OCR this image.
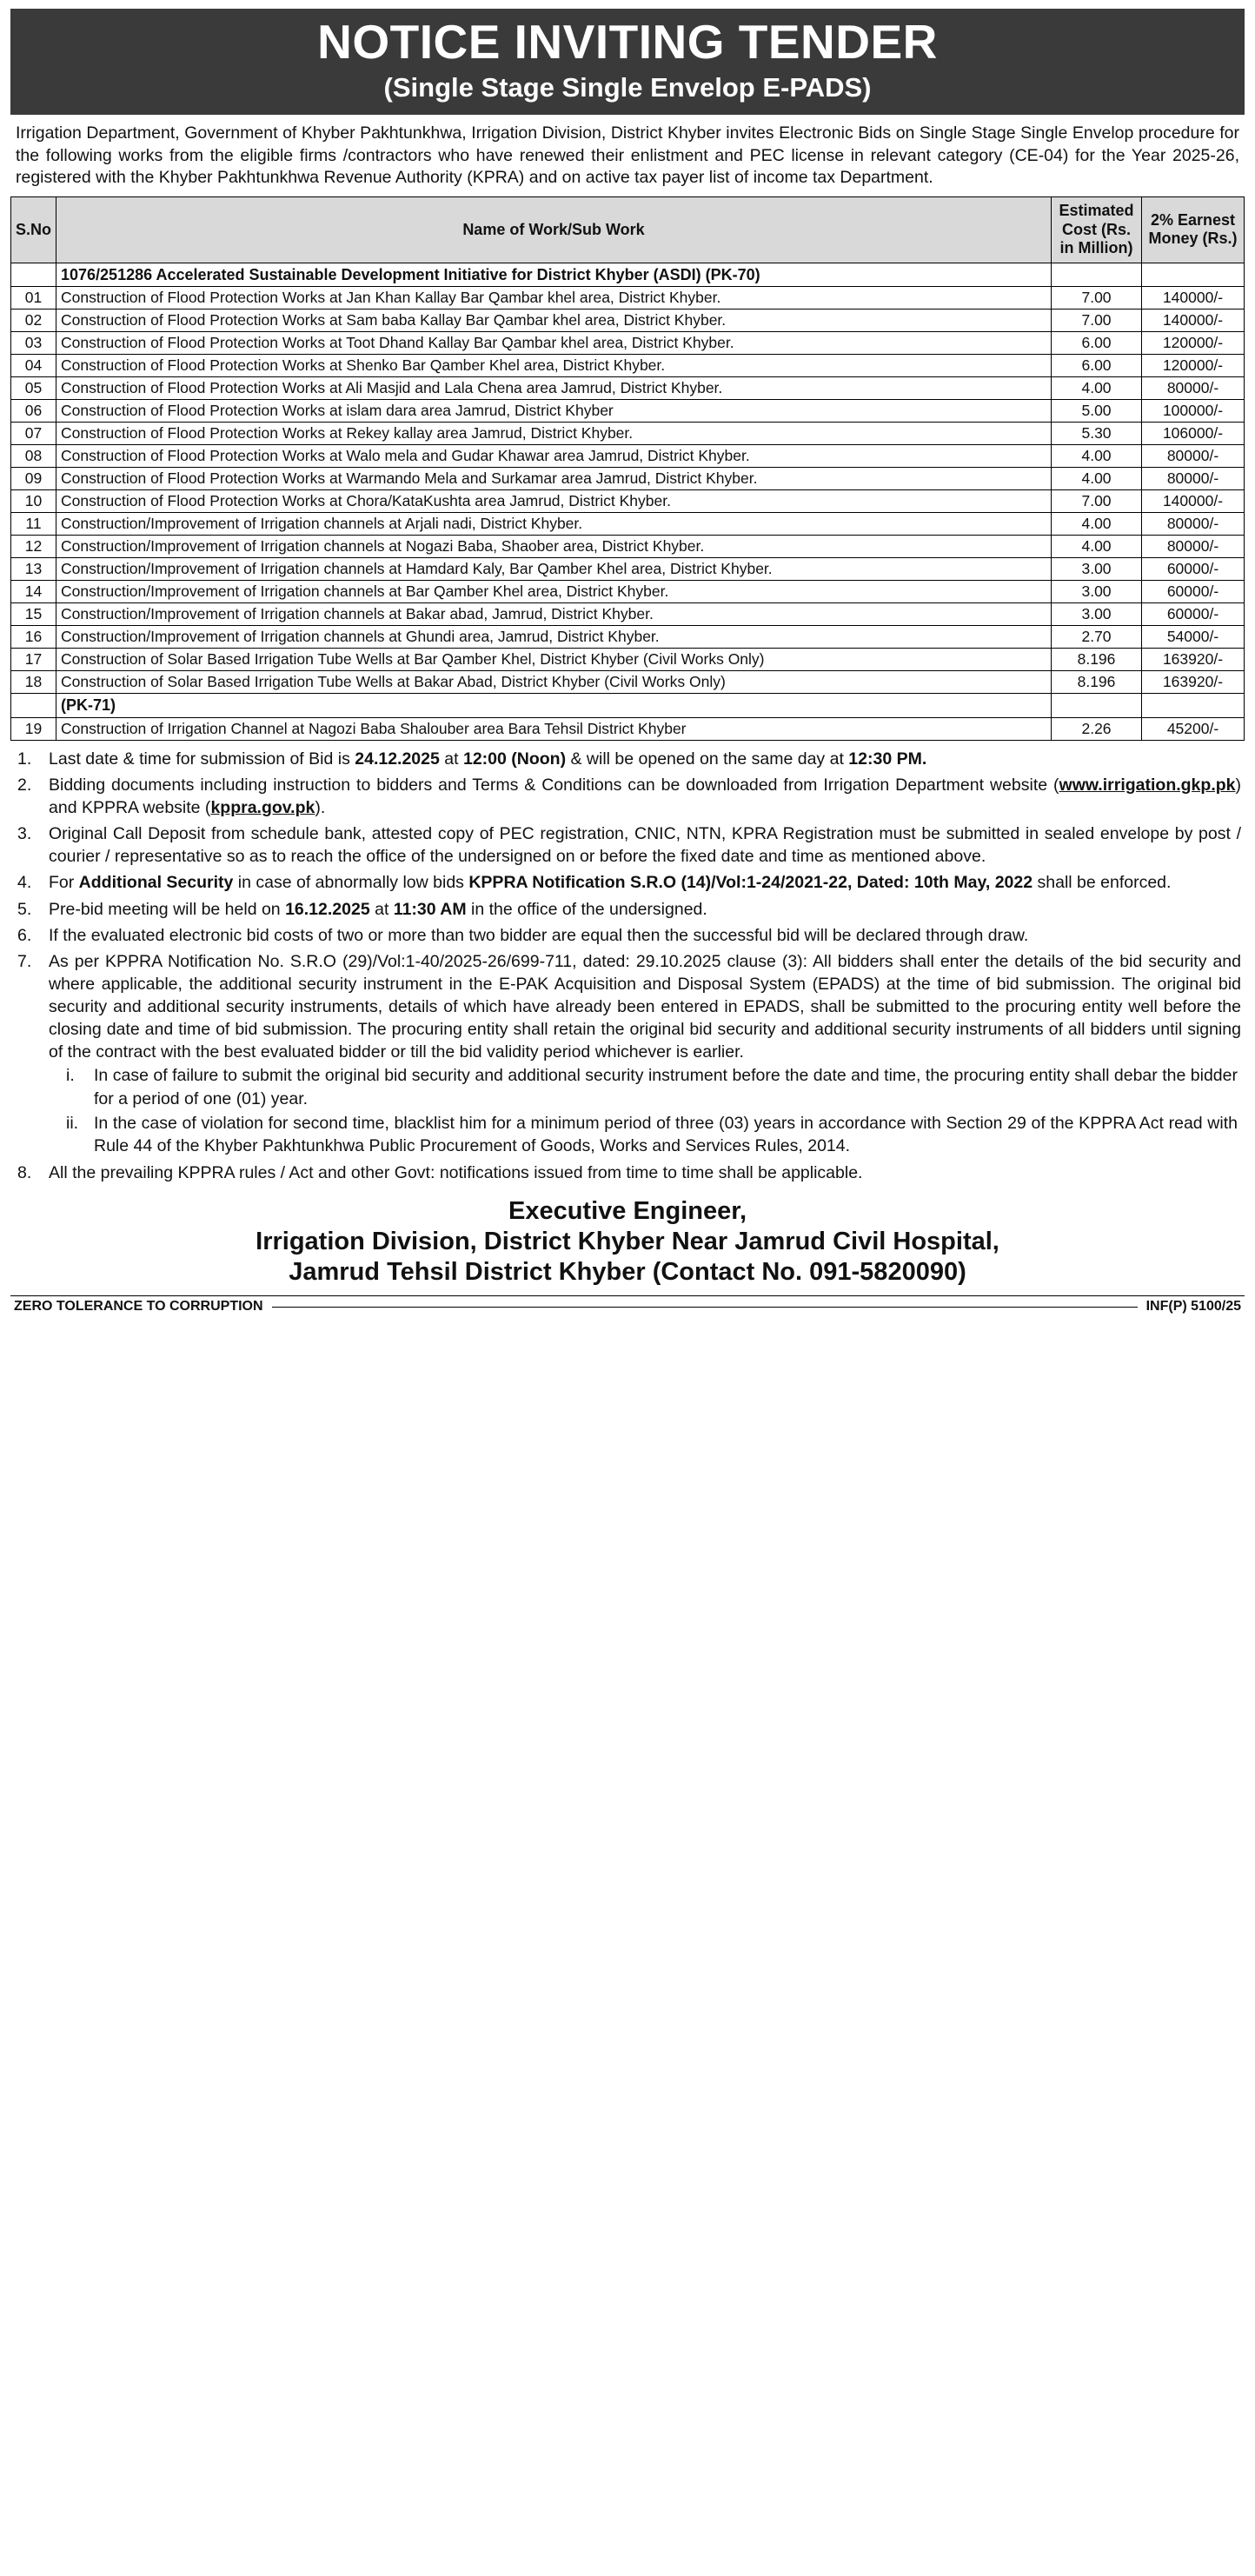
NOTICE INVITING TENDER
(Single Stage Single Envelop E-PADS)
Irrigation Department, Government of Khyber Pakhtunkhwa, Irrigation Division, District Khyber invites Electronic Bids on Single Stage Single Envelop procedure for the following works from the eligible firms /contractors who have renewed their enlistment and PEC license in relevant category (CE-04) for the Year 2025-26, registered with the Khyber Pakhtunkhwa Revenue Authority (KPRA) and on active tax payer list of income tax Department.
S.No	Name of Work/Sub Work	Estimated Cost (Rs. in Million)	2% Earnest Money (Rs.)
	1076/251286 Accelerated Sustainable Development Initiative for District Khyber (ASDI) (PK-70)		
01	Construction of Flood Protection Works at Jan Khan Kallay Bar Qambar khel area, District Khyber.	7.00	140000/-
02	Construction of Flood Protection Works at Sam baba Kallay Bar Qambar khel area, District Khyber.	7.00	140000/-
03	Construction of Flood Protection Works at Toot Dhand Kallay Bar Qambar khel area, District Khyber.	6.00	120000/-
04	Construction of Flood Protection Works at Shenko Bar Qamber Khel area, District Khyber.	6.00	120000/-
05	Construction of Flood Protection Works at Ali Masjid and Lala Chena area Jamrud, District Khyber.	4.00	80000/-
06	Construction of Flood Protection Works at islam dara area Jamrud, District Khyber	5.00	100000/-
07	Construction of Flood Protection Works at Rekey kallay area Jamrud, District Khyber.	5.30	106000/-
08	Construction of Flood Protection Works at Walo mela and Gudar Khawar area Jamrud, District Khyber.	4.00	80000/-
09	Construction of Flood Protection Works at Warmando Mela and Surkamar area Jamrud, District Khyber.	4.00	80000/-
10	Construction of Flood Protection Works at Chora/KataKushta area Jamrud, District Khyber.	7.00	140000/-
11	Construction/Improvement of Irrigation channels at Arjali nadi, District Khyber.	4.00	80000/-
12	Construction/Improvement of Irrigation channels at Nogazi Baba, Shaober area, District Khyber.	4.00	80000/-
13	Construction/Improvement of Irrigation channels at Hamdard Kaly, Bar Qamber Khel area, District Khyber.	3.00	60000/-
14	Construction/Improvement of Irrigation channels at Bar Qamber Khel area, District Khyber.	3.00	60000/-
15	Construction/Improvement of Irrigation channels at Bakar abad, Jamrud, District Khyber.	3.00	60000/-
16	Construction/Improvement of Irrigation channels at Ghundi area, Jamrud, District Khyber.	2.70	54000/-
17	Construction of Solar Based Irrigation Tube Wells at Bar Qamber Khel, District Khyber (Civil Works Only)	8.196	163920/-
18	Construction of Solar Based Irrigation Tube Wells at Bakar Abad, District Khyber (Civil Works Only)	8.196	163920/-
	(PK-71)		
19	Construction of Irrigation Channel at Nagozi Baba Shalouber area Bara Tehsil District Khyber	2.26	45200/-
1.	Last date & time for submission of Bid is 24.12.2025 at 12:00 (Noon) & will be opened on the same day at 12:30 PM.
2.	Bidding documents including instruction to bidders and Terms & Conditions can be downloaded from Irrigation Department website (www.irrigation.gkp.pk) and KPPRA website (kppra.gov.pk).
3.	Original Call Deposit from schedule bank, attested copy of PEC registration, CNIC, NTN, KPRA Registration must be submitted in sealed envelope by post / courier / representative so as to reach the office of the undersigned on or before the fixed date and time as mentioned above.
4.	For Additional Security in case of abnormally low bids KPPRA Notification S.R.O (14)/Vol:1-24/2021-22, Dated: 10th May, 2022 shall be enforced.
5.	Pre-bid meeting will be held on 16.12.2025 at 11:30 AM in the office of the undersigned.
6.	If the evaluated electronic bid costs of two or more than two bidder are equal then the successful bid will be declared through draw.
7.	As per KPPRA Notification No. S.R.O (29)/Vol:1-40/2025-26/699-711, dated: 29.10.2025 clause (3): All bidders shall enter the details of the bid security and where applicable, the additional security instrument in the E-PAK Acquisition and Disposal System (EPADS) at the time of bid submission. The original bid security and additional security instruments, details of which have already been entered in EPADS, shall be submitted to the procuring entity well before the closing date and time of bid submission. The procuring entity shall retain the original bid security and additional security instruments of all bidders until signing of the contract with the best evaluated bidder or till the bid validity period whichever is earlier.
i.	In case of failure to submit the original bid security and additional security instrument before the date and time, the procuring entity shall debar the bidder for a period of one (01) year.
ii. In the case of violation for second time, blacklist him for a minimum period of three (03) years in accordance with Section 29 of the KPPRA Act read with Rule 44 of the Khyber Pakhtunkhwa Public Procurement of Goods, Works and Services Rules, 2014.
8.	All the prevailing KPPRA rules / Act and other Govt: notifications issued from time to time shall be applicable.
Executive Engineer,
Irrigation Division, District Khyber Near Jamrud Civil Hospital,
Jamrud Tehsil District Khyber (Contact No. 091-5820090)
ZERO TOLERANCE TO CORRUPTION	INF(P) 5100/25
